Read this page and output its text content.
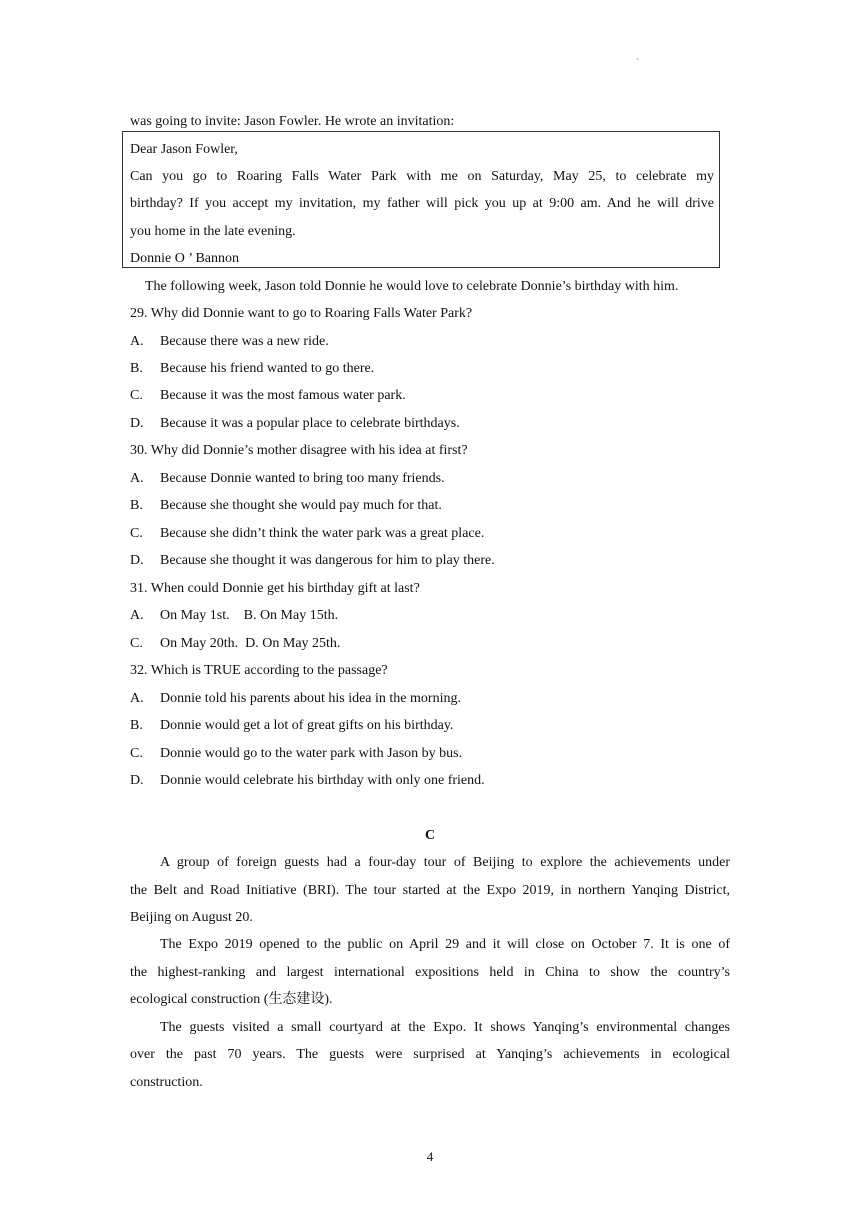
`
was going to invite: Jason Fowler. He wrote an invitation:
Dear Jason Fowler,
Can you go to Roaring Falls Water Park with me on Saturday, May 25, to celebrate my
birthday? If you accept my invitation, my father will pick you up at 9:00 am. And he will drive
you home in the late evening.
Donnie O ’ Bannon
The following week, Jason told Donnie he would love to celebrate Donnie’s birthday with him.
29. Why did Donnie want to go to Roaring Falls Water Park?
A. Because there was a new ride.
B. Because his friend wanted to go there.
C. Because it was the most famous water park.
D. Because it was a popular place to celebrate birthdays.
30. Why did Donnie’s mother disagree with his idea at first?
A. Because Donnie wanted to bring too many friends.
B. Because she thought she would pay much for that.
C. Because she didn’t think the water park was a great place.
D. Because she thought it was dangerous for him to play there.
31. When could Donnie get his birthday gift at last?
A. On May 1st.    B. On May 15th.
C. On May 20th.  D. On May 25th.
32. Which is TRUE according to the passage?
A. Donnie told his parents about his idea in the morning.
B. Donnie would get a lot of great gifts on his birthday.
C. Donnie would go to the water park with Jason by bus.
D. Donnie would celebrate his birthday with only one friend.
C
A group of foreign guests had a four-day tour of Beijing to explore the achievements under
the Belt and Road Initiative (BRI). The tour started at the Expo 2019, in northern Yanqing District,
Beijing on August 20.
The Expo 2019 opened to the public on April 29 and it will close on October 7. It is one of
the highest-ranking and largest international expositions held in China to show the country’s
ecological construction (生态建设).
The guests visited a small courtyard at the Expo. It shows Yanqing’s environmental changes
over the past 70 years. The guests were surprised at Yanqing’s achievements in ecological
construction.
4
